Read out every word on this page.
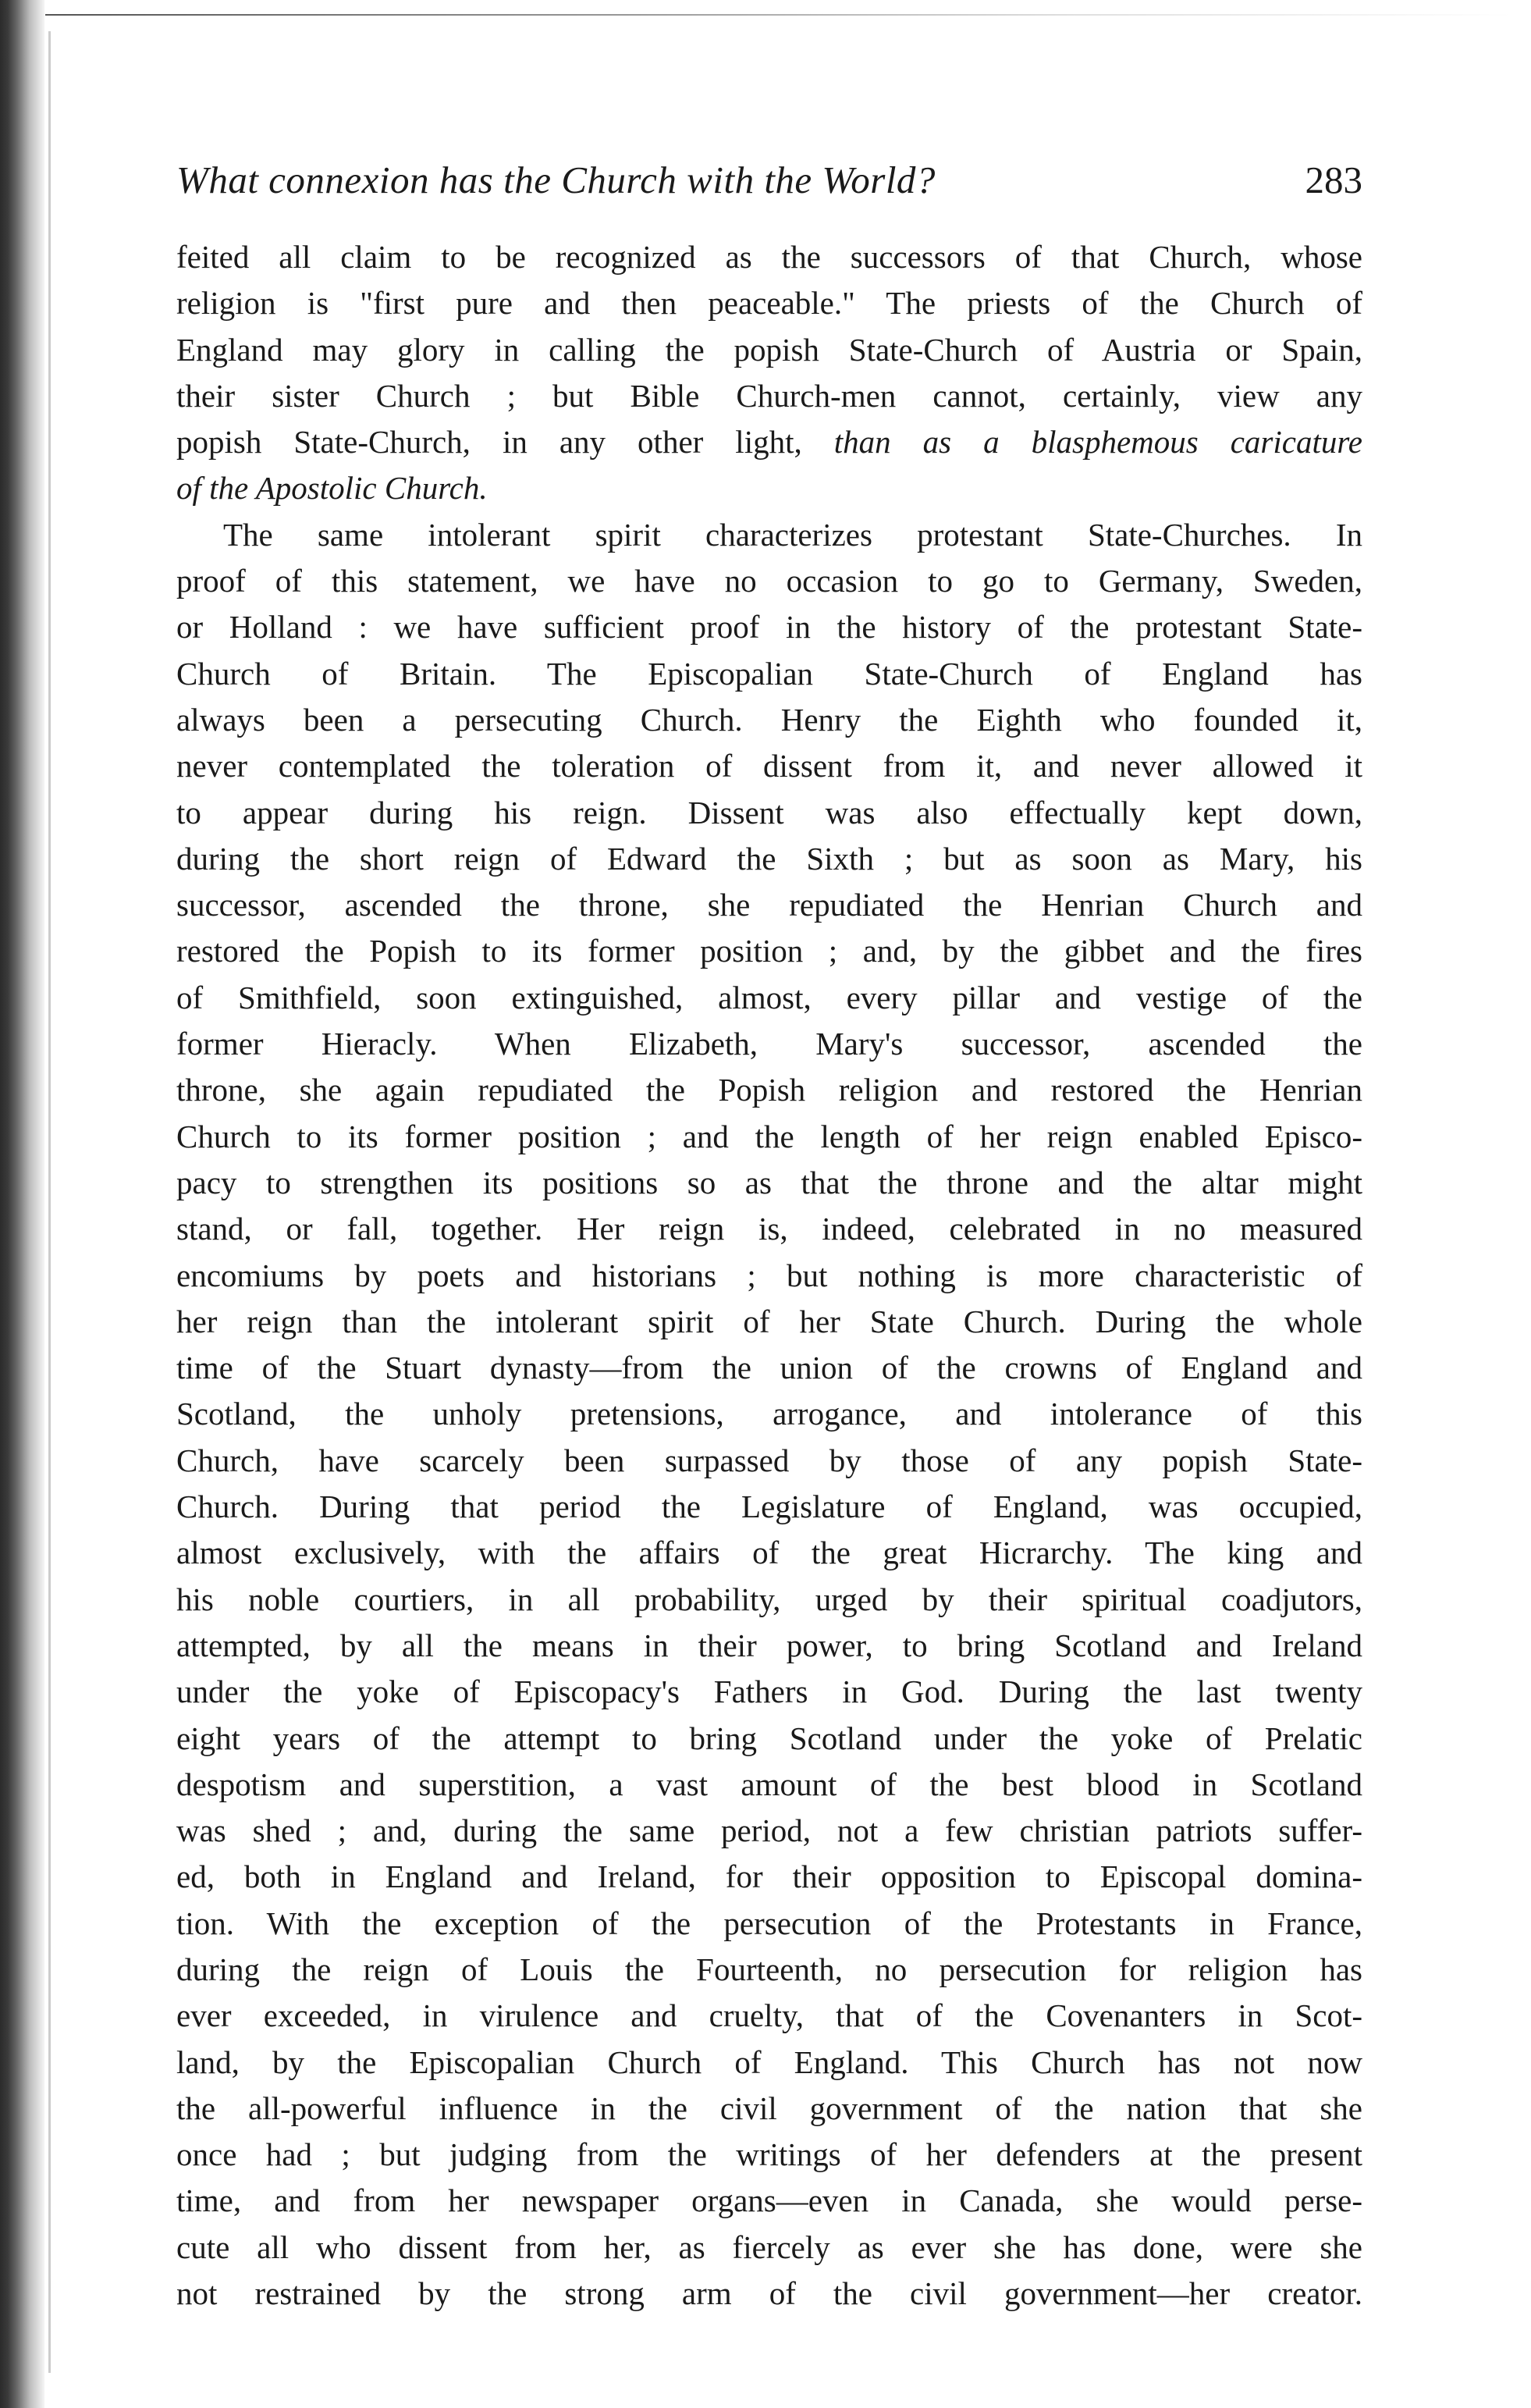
What connexion has the Church with the World?	283
feited all claim to be recognized as the successors of that Church, whose
religion is "first pure and then peaceable." The priests of the Church of
England may glory in calling the popish State-Church of Austria or Spain,
their sister Church ; but Bible Church-men cannot, certainly, view any
popish State-Church, in any other light, than as a blasphemous caricature
of the Apostolic Church.
The same intolerant spirit characterizes protestant State-Churches. In
proof of this statement, we have no occasion to go to Germany, Sweden,
or Holland : we have sufficient proof in the history of the protestant State-
Church of Britain. The Episcopalian State-Church of England has
always been a persecuting Church. Henry the Eighth who founded it,
never contemplated the toleration of dissent from it, and never allowed it
to appear during his reign. Dissent was also effectually kept down,
during the short reign of Edward the Sixth ; but as soon as Mary, his
successor, ascended the throne, she repudiated the Henrian Church and
restored the Popish to its former position ; and, by the gibbet and the fires
of Smithfield, soon extinguished, almost, every pillar and vestige of the
former Hieracly. When Elizabeth, Mary's successor, ascended the
throne, she again repudiated the Popish religion and restored the Henrian
Church to its former position ; and the length of her reign enabled Episco-
pacy to strengthen its positions so as that the throne and the altar might
stand, or fall, together. Her reign is, indeed, celebrated in no measured
encomiums by poets and historians ; but nothing is more characteristic of
her reign than the intolerant spirit of her State Church. During the whole
time of the Stuart dynasty—from the union of the crowns of England and
Scotland, the unholy pretensions, arrogance, and intolerance of this
Church, have scarcely been surpassed by those of any popish State-
Church. During that period the Legislature of England, was occupied,
almost exclusively, with the affairs of the great Hicrarchy. The king and
his noble courtiers, in all probability, urged by their spiritual coadjutors,
attempted, by all the means in their power, to bring Scotland and Ireland
under the yoke of Episcopacy's Fathers in God. During the last twenty
eight years of the attempt to bring Scotland under the yoke of Prelatic
despotism and superstition, a vast amount of the best blood in Scotland
was shed ; and, during the same period, not a few christian patriots suffer-
ed, both in England and Ireland, for their opposition to Episcopal domina-
tion. With the exception of the persecution of the Protestants in France,
during the reign of Louis the Fourteenth, no persecution for religion has
ever exceeded, in virulence and cruelty, that of the Covenanters in Scot-
land, by the Episcopalian Church of England. This Church has not now
the all-powerful influence in the civil government of the nation that she
once had ; but judging from the writings of her defenders at the present
time, and from her newspaper organs—even in Canada, she would perse-
cute all who dissent from her, as fiercely as ever she has done, were she
not restrained by the strong arm of the civil government—her creator.
